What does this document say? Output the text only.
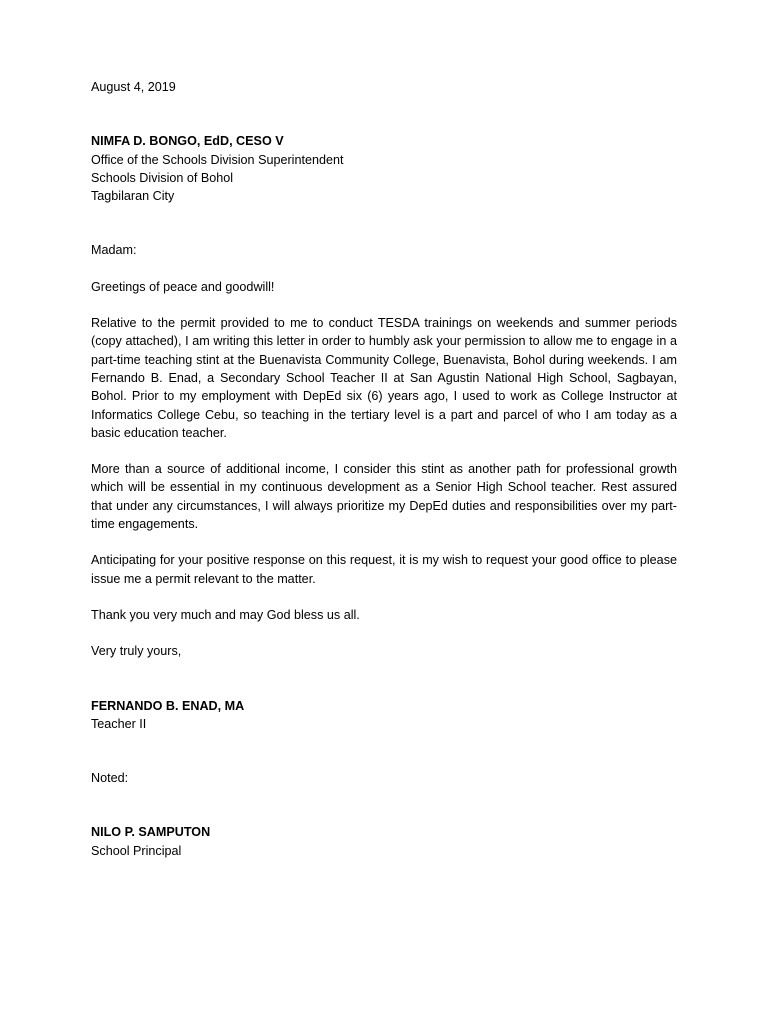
August 4, 2019

NIMFA D. BONGO, EdD, CESO V
Office of the Schools Division Superintendent
Schools Division of Bohol
Tagbilaran City

Madam:

Greetings of peace and goodwill!

Relative to the permit provided to me to conduct TESDA trainings on weekends and summer periods (copy attached), I am writing this letter in order to humbly ask your permission to allow me to engage in a part-time teaching stint at the Buenavista Community College, Buenavista, Bohol during weekends. I am Fernando B. Enad, a Secondary School Teacher II at San Agustin National High School, Sagbayan, Bohol. Prior to my employment with DepEd six (6) years ago, I used to work as College Instructor at Informatics College Cebu, so teaching in the tertiary level is a part and parcel of who I am today as a basic education teacher.

More than a source of additional income, I consider this stint as another path for professional growth which will be essential in my continuous development as a Senior High School teacher. Rest assured that under any circumstances, I will always prioritize my DepEd duties and responsibilities over my part-time engagements.

Anticipating for your positive response on this request, it is my wish to request your good office to please issue me a permit relevant to the matter.

Thank you very much and may God bless us all.

Very truly yours,

FERNANDO B. ENAD, MA
Teacher II

Noted:

NILO P. SAMPUTON
School Principal
